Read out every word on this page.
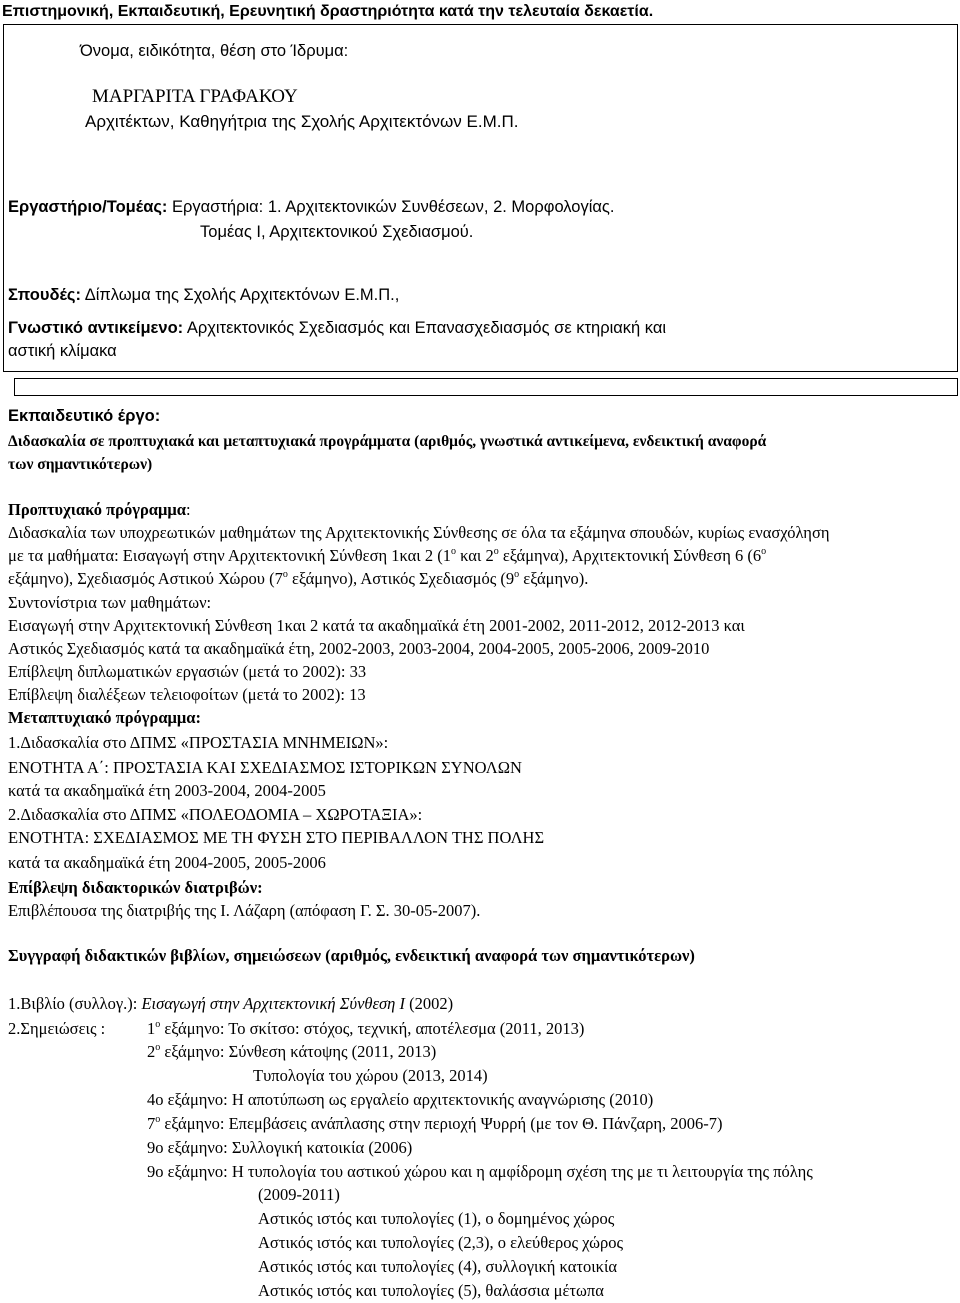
Επιστημονική, Εκπαιδευτική, Ερευνητική δραστηριότητα κατά την τελευταία δεκαετία.
Όνομα, ειδικότητα, θέση στο Ίδρυμα:
ΜΑΡΓΑΡΙΤΑ ΓΡΑΦΑΚΟΥ
Αρχιτέκτων, Καθηγήτρια της Σχολής Αρχιτεκτόνων Ε.Μ.Π.
Εργαστήριο/Τομέας: Εργαστήρια: 1. Αρχιτεκτονικών Συνθέσεων, 2. Μορφολογίας.
Τομέας Ι, Αρχιτεκτονικού Σχεδιασμού.
Σπουδές: Δίπλωμα της Σχολής Αρχιτεκτόνων Ε.Μ.Π.,
Γνωστικό αντικείμενο: Αρχιτεκτονικός Σχεδιασμός και Επανασχεδιασμός σε κτηριακή και
αστική κλίμακα
Εκπαιδευτικό έργο:
Διδασκαλία σε προπτυχιακά και μεταπτυχιακά προγράμματα (αριθμός, γνωστικά αντικείμενα, ενδεικτική αναφορά
των σημαντικότερων)
Προπτυχιακό πρόγραμμα:
Διδασκαλία των υποχρεωτικών μαθημάτων της Αρχιτεκτονικής Σύνθεσης σε όλα τα εξάμηνα σπουδών, κυρίως ενασχόληση
με τα μαθήματα: Εισαγωγή στην Αρχιτεκτονική Σύνθεση 1και 2 ($1^o$ και $2^o$ εξάμηνα), Αρχιτεκτονική Σύνθεση 6 ($6^o$
εξάμηνο), Σχεδιασμός Αστικού Χώρου ($7^o$ εξάμηνο), Αστικός Σχεδιασμός ($9^o$ εξάμηνο).
Συντονίστρια των μαθημάτων:
Εισαγωγή στην Αρχιτεκτονική Σύνθεση 1και 2 κατά τα ακαδημαϊκά έτη 2001-2002, 2011-2012, 2012-2013 και
Αστικός Σχεδιασμός κατά τα ακαδημαϊκά έτη, 2002-2003, 2003-2004, 2004-2005, 2005-2006, 2009-2010
Επίβλεψη διπλωματικών εργασιών (μετά το 2002): 33
Επίβλεψη διαλέξεων τελειοφοίτων (μετά το 2002): 13
Μεταπτυχιακό πρόγραμμα:
1.Διδασκαλία στο ΔΠΜΣ «ΠΡΟΣΤΑΣΙΑ ΜΝΗΜΕΙΩΝ»:
ΕΝΟΤΗΤΑ Α΄: ΠΡΟΣΤΑΣΙΑ ΚΑΙ ΣΧΕΔΙΑΣΜΟΣ ΙΣΤΟΡΙΚΩΝ ΣΥΝΟΛΩΝ
κατά τα ακαδημαϊκά έτη 2003-2004, 2004-2005
2.Διδασκαλία στο ΔΠΜΣ «ΠΟΛΕΟΔΟΜΙΑ – ΧΩΡΟΤΑΞΙΑ»:
ΕΝΟΤΗΤΑ: ΣΧΕΔΙΑΣΜΟΣ ΜΕ ΤΗ ΦΥΣΗ ΣΤΟ ΠΕΡΙΒΑΛΛΟΝ ΤΗΣ ΠΟΛΗΣ
κατά τα ακαδημαϊκά έτη 2004-2005, 2005-2006
Επίβλεψη διδακτορικών διατριβών:
Επιβλέπουσα της διατριβής της Ι. Λάζαρη (απόφαση Γ. Σ. 30-05-2007).
Συγγραφή διδακτικών βιβλίων, σημειώσεων (αριθμός, ενδεικτική αναφορά των σημαντικότερων)
1.Βιβλίο (συλλογ.): Εισαγωγή στην Αρχιτεκτονική Σύνθεση Ι (2002)
2.Σημειώσεις :	$1^o$ εξάμηνο: Το σκίτσο: στόχος, τεχνική, αποτέλεσμα (2011, 2013)
$2^o$ εξάμηνο: Σύνθεση κάτοψης (2011, 2013)
Τυπολογία του χώρου (2013, 2014)
4ο εξάμηνο: Η αποτύπωση ως εργαλείο αρχιτεκτονικής αναγνώρισης (2010)
$7^o$ εξάμηνο: Επεμβάσεις ανάπλασης στην περιοχή Ψυρρή (με τον Θ. Πάνζαρη, 2006-7)
9ο εξάμηνο: Συλλογική κατοικία (2006)
9ο εξάμηνο: Η τυπολογία του αστικού χώρου και η αμφίδρομη σχέση της με τι λειτουργία της πόλης
(2009-2011)
Αστικός ιστός και τυπολογίες (1), ο δομημένος χώρος
Αστικός ιστός και τυπολογίες (2,3), ο ελεύθερος χώρος
Αστικός ιστός και τυπολογίες (4), συλλογική κατοικία
Αστικός ιστός και τυπολογίες (5), θαλάσσια μέτωπα
